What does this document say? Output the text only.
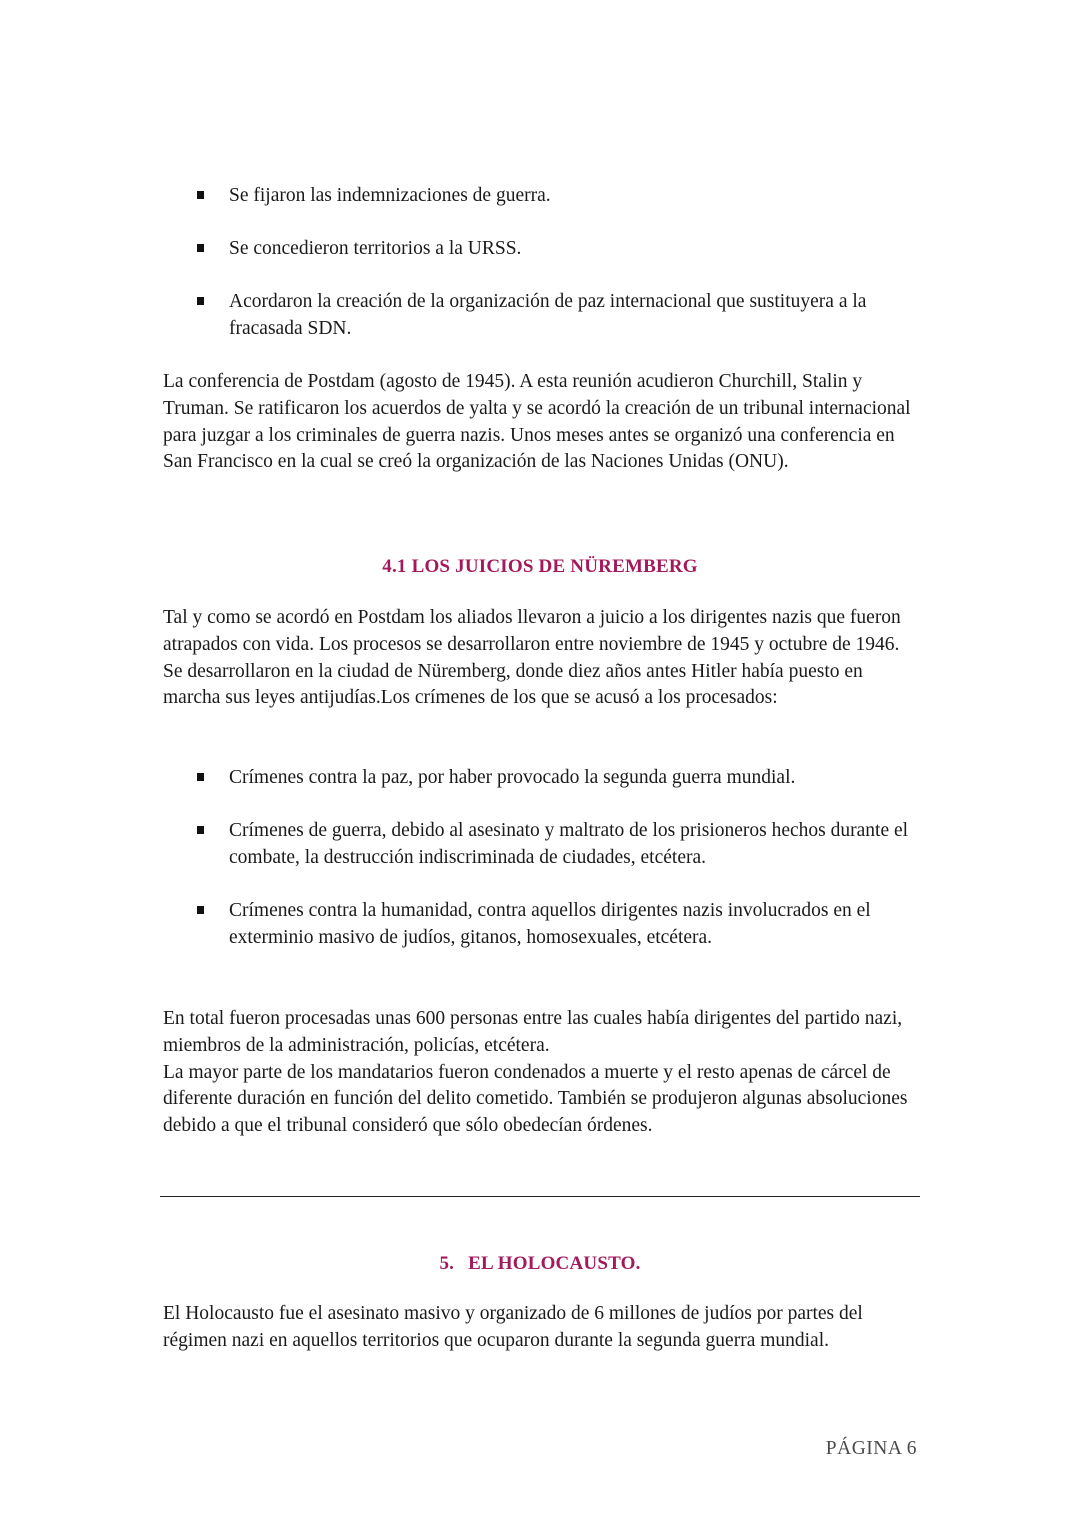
Se fijaron las indemnizaciones de guerra.
Se concedieron territorios a la URSS.
Acordaron la creación de la organización de paz internacional que sustituyera a la fracasada SDN.

La conferencia de Postdam (agosto de 1945). A esta reunión acudieron Churchill, Stalin y Truman. Se ratificaron los acuerdos de yalta y se acordó la creación de un tribunal internacional para juzgar a los criminales de guerra nazis. Unos meses antes se organizó una conferencia en San Francisco en la cual se creó la organización de las Naciones Unidas (ONU).

4.1 LOS JUICIOS DE NÜREMBERG

Tal y como se acordó en Postdam los aliados llevaron a juicio a los dirigentes nazis que fueron atrapados con vida. Los procesos se desarrollaron entre noviembre de 1945 y octubre de 1946. Se desarrollaron en la ciudad de Nüremberg, donde diez años antes Hitler había puesto en marcha sus leyes antijudías.Los crímenes de los que se acusó a los procesados:

Crímenes contra la paz, por haber provocado la segunda guerra mundial.
Crímenes de guerra, debido al asesinato y maltrato de los prisioneros hechos durante el combate, la destrucción indiscriminada de ciudades, etcétera.
Crímenes contra la humanidad, contra aquellos dirigentes nazis involucrados en el exterminio masivo de judíos, gitanos, homosexuales, etcétera.
En total fueron procesadas unas 600 personas entre las cuales había dirigentes del partido nazi, miembros de la administración, policías, etcétera.
La mayor parte de los mandatarios fueron condenados a muerte y el resto apenas de cárcel de diferente duración en función del delito cometido. También se produjeron algunas absoluciones debido a que el tribunal consideró que sólo obedecían órdenes.
5. EL HOLOCAUSTO.

El Holocausto fue el asesinato masivo y organizado de 6 millones de judíos por partes del régimen nazi en aquellos territorios que ocuparon durante la segunda guerra mundial.

PÁGINA 6
